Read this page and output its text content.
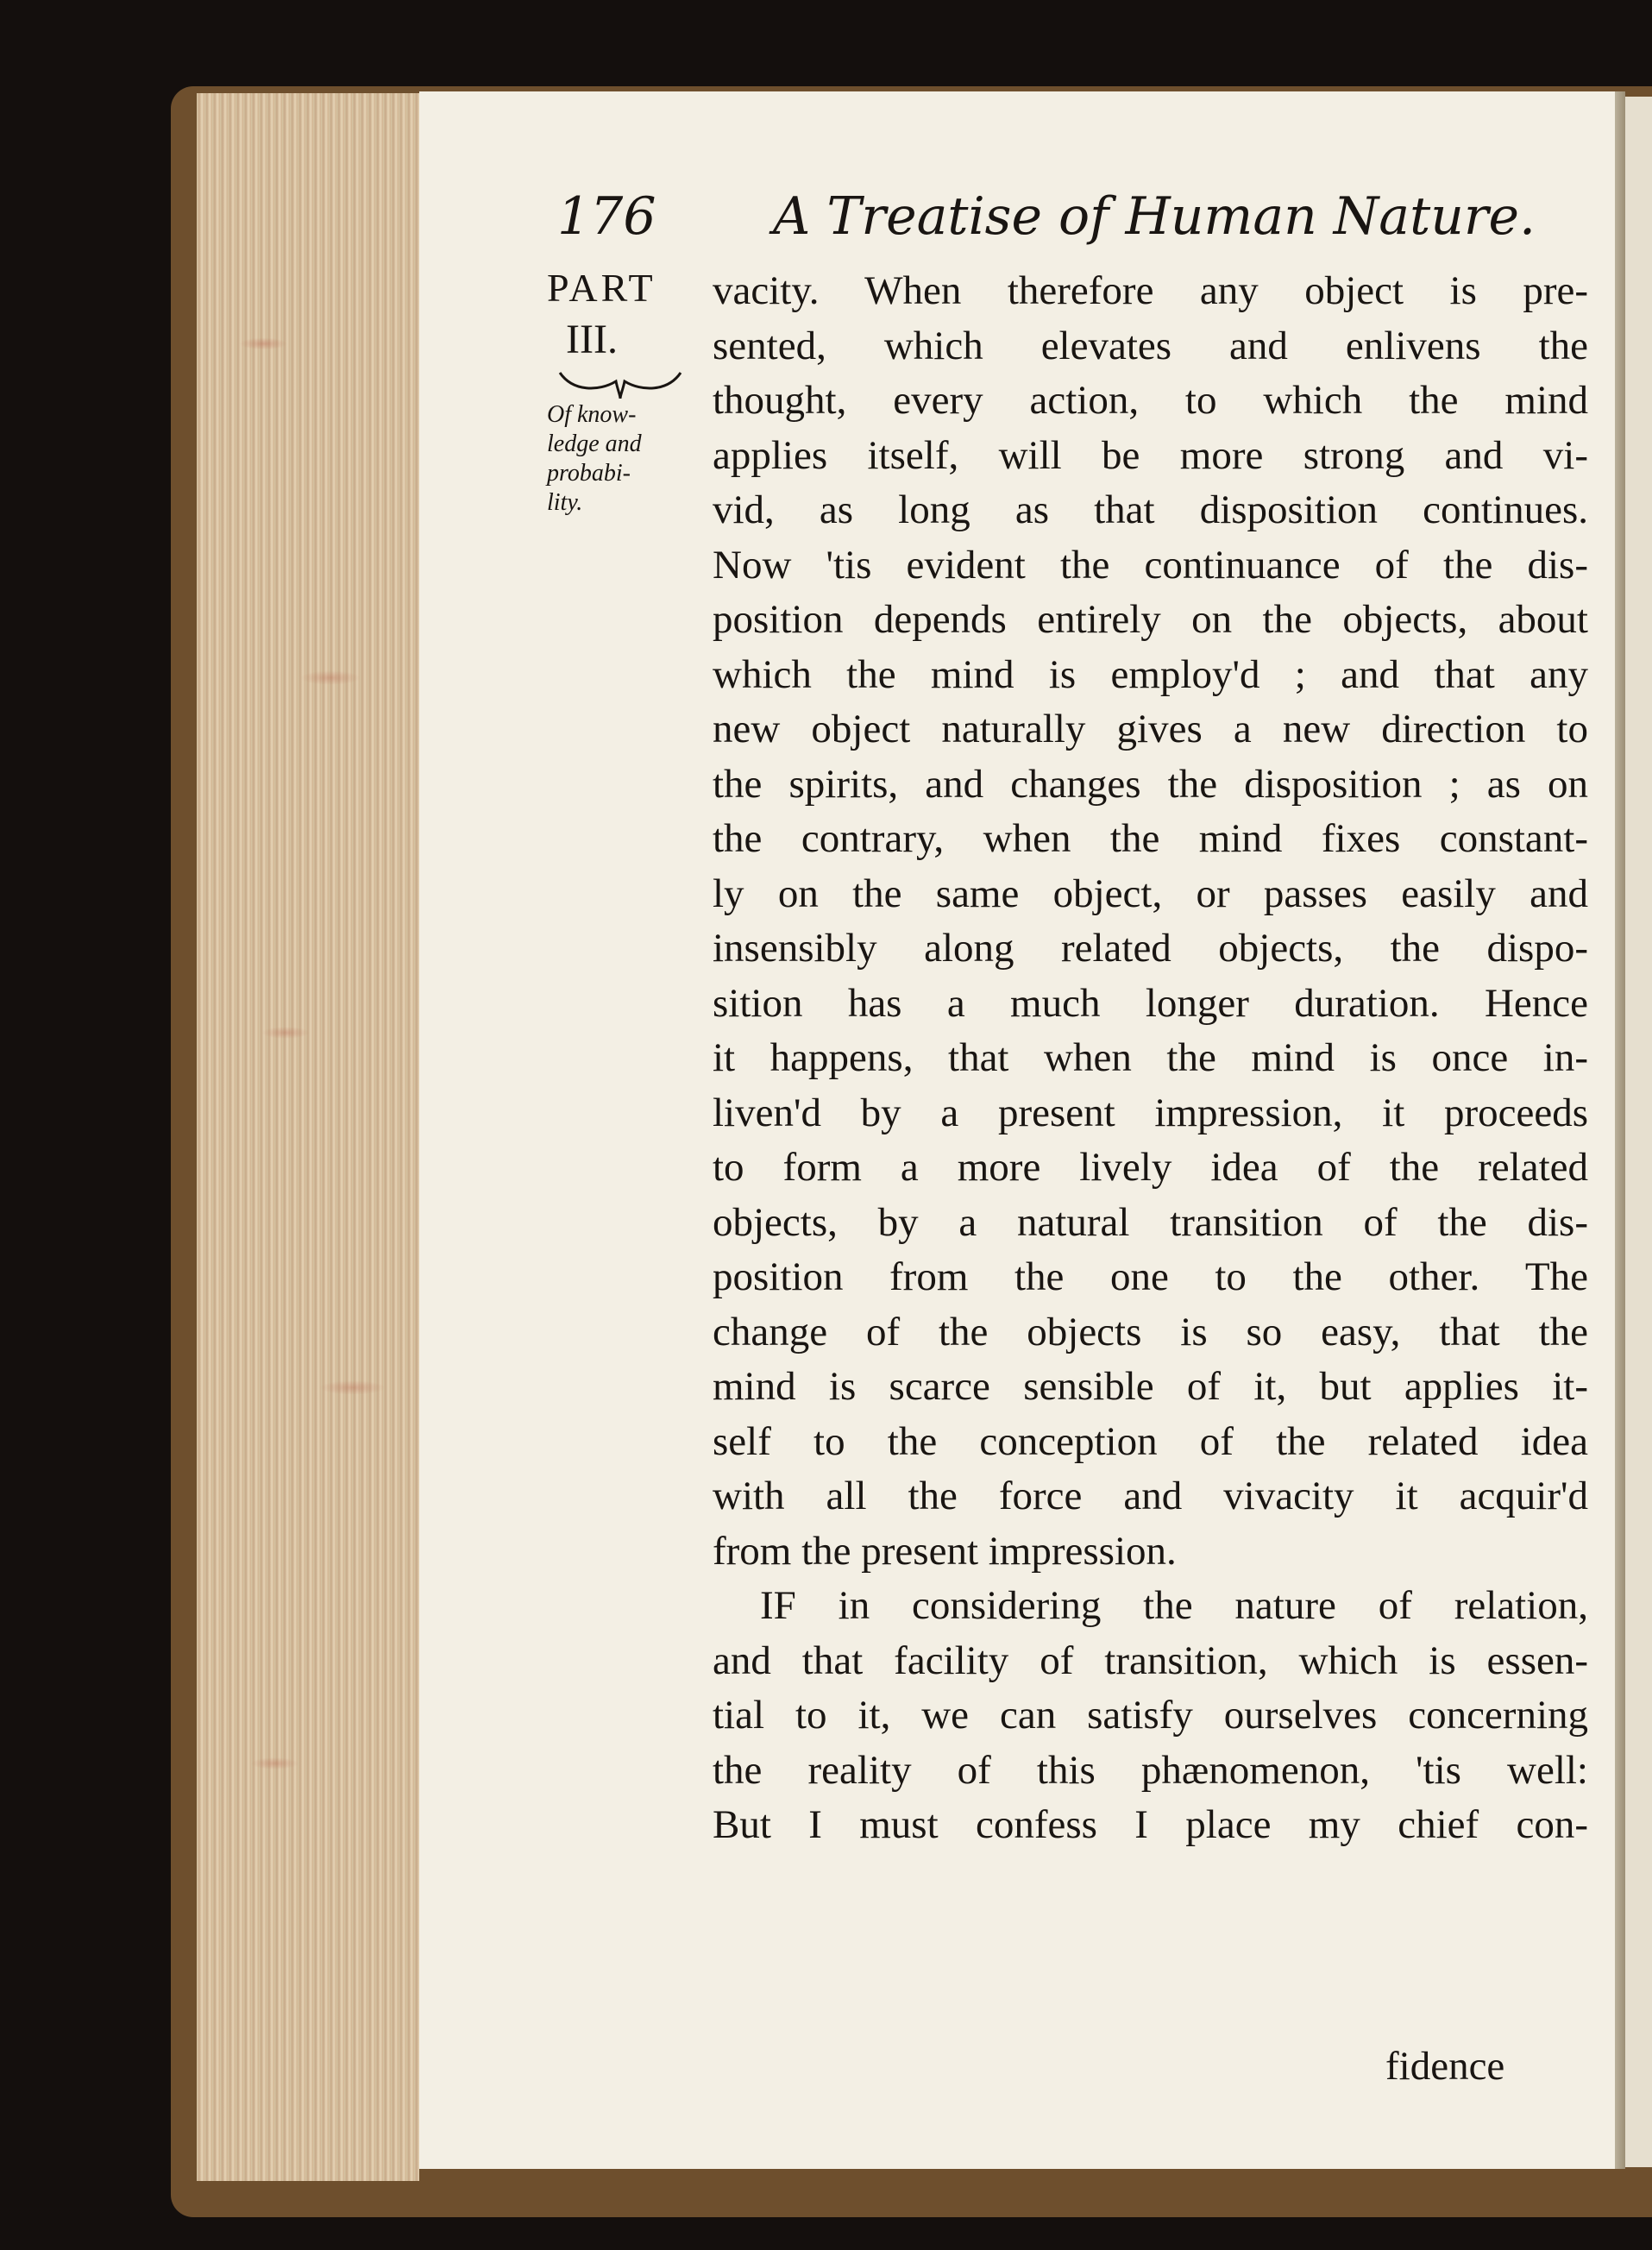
176 A Treatise of Human Nature.
PART
III.
Of know-
ledge and
probabi-
lity.
vacity. When therefore any object is pre-
sented, which elevates and enlivens the
thought, every action, to which the mind
applies itself, will be more strong and vi-
vid, as long as that disposition continues.
Now 'tis evident the continuance of the dis-
position depends entirely on the objects, about
which the mind is employ'd ; and that any
new object naturally gives a new direction to
the spirits, and changes the disposition ; as on
the contrary, when the mind fixes constant-
ly on the same object, or passes easily and
insensibly along related objects, the dispo-
sition has a much longer duration. Hence
it happens, that when the mind is once in-
liven'd by a present impression, it proceeds
to form a more lively idea of the related
objects, by a natural transition of the dis-
position from the one to the other. The
change of the objects is so easy, that the
mind is scarce sensible of it, but applies it-
self to the conception of the related idea
with all the force and vivacity it acquir'd
from the present impression.
IF in considering the nature of relation,
and that facility of transition, which is essen-
tial to it, we can satisfy ourselves concerning
the reality of this phænomenon, 'tis well:
But I must confess I place my chief con-
fidence
